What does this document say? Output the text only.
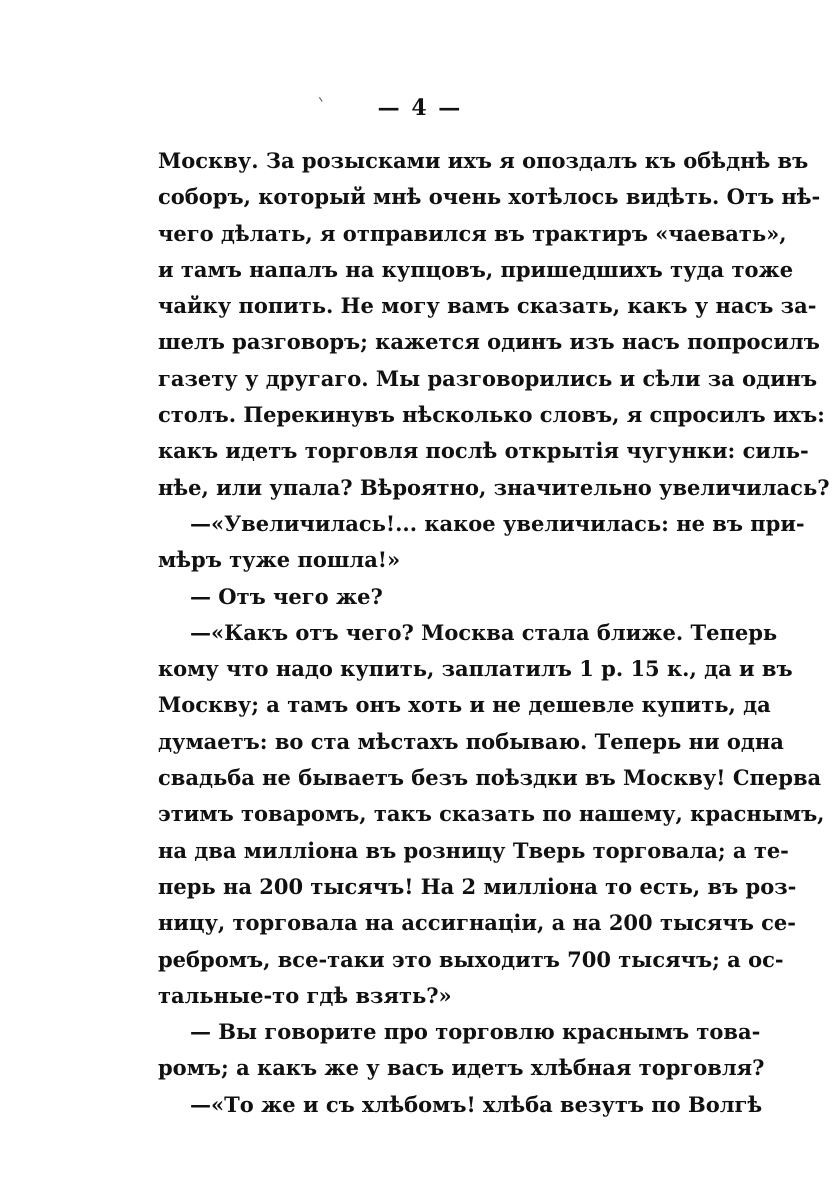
— 4 —
Москву. За розысками ихъ я опоздалъ къ обѣднѣ въ
соборъ, который мнѣ очень хотѣлось видѣть. Отъ нѣ-
чего дѣлать, я отправился въ трактиръ «чаевать»,
и тамъ напалъ на купцовъ, пришедшихъ туда тоже
чайку попить. Не могу вамъ сказать, какъ у насъ за-
шелъ разговоръ; кажется одинъ изъ насъ попросилъ
газету у другаго. Мы разговорились и сѣли за одинъ
столъ. Перекинувъ нѣсколько словъ, я спросилъ ихъ:
какъ идетъ торговля послѣ открытія чугунки: силь-
нѣе, или упала? Вѣроятно, значительно увеличилась?
—«Увеличилась!... какое увеличилась: не въ при-
мѣръ туже пошла!»
— Отъ чего же?
—«Какъ отъ чего? Москва стала ближе. Теперь
кому что надо купить, заплатилъ 1 р. 15 к., да и въ
Москву; а тамъ онъ хоть и не дешевле купить, да
думаетъ: во ста мѣстахъ побываю. Теперь ни одна
свадьба не бываетъ безъ поѣздки въ Москву! Сперва
этимъ товаромъ, такъ сказать по нашему, краснымъ,
на два милліона въ розницу Тверь торговала; а те-
перь на 200 тысячъ! На 2 милліона то есть, въ роз-
ницу, торговала на ассигнаціи, а на 200 тысячъ се-
ребромъ, все-таки это выходитъ 700 тысячъ; а ос-
тальные-то гдѣ взять?»
— Вы говорите про торговлю краснымъ това-
ромъ; а какъ же у васъ идетъ хлѣбная торговля?
—«То же и съ хлѣбомъ! хлѣба везутъ по Волгѣ
